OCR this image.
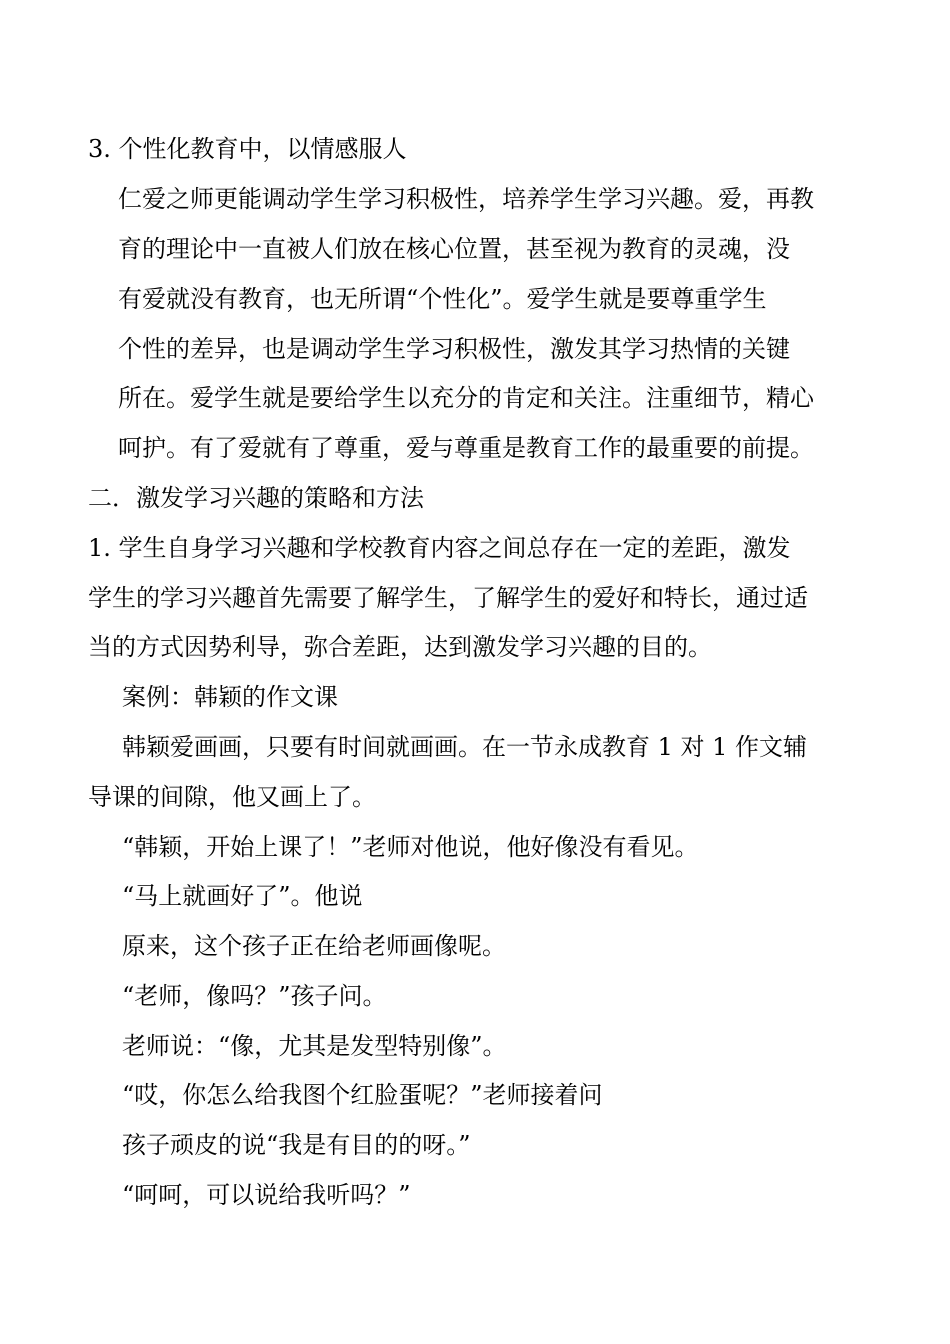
3. 个性化教育中，以情感服人
仁爱之师更能调动学生学习积极性，培养学生学习兴趣。爱，再教
育的理论中一直被人们放在核心位置，甚至视为教育的灵魂，没
有爱就没有教育，也无所谓“个性化”。爱学生就是要尊重学生
个性的差异，也是调动学生学习积极性，激发其学习热情的关键
所在。爱学生就是要给学生以充分的肯定和关注。注重细节，精心
呵护。有了爱就有了尊重，爱与尊重是教育工作的最重要的前提。
二．激发学习兴趣的策略和方法
1. 学生自身学习兴趣和学校教育内容之间总存在一定的差距，激发
学生的学习兴趣首先需要了解学生，了解学生的爱好和特长，通过适
当的方式因势利导，弥合差距，达到激发学习兴趣的目的。
案例：韩颖的作文课
韩颖爱画画，只要有时间就画画。在一节永成教育 1 对 1 作文辅
导课的间隙，他又画上了。
“韩颖，开始上课了！”老师对他说，他好像没有看见。
“马上就画好了”。他说
原来，这个孩子正在给老师画像呢。
“老师，像吗？”孩子问。
老师说：“像，尤其是发型特别像”。
“哎，你怎么给我图个红脸蛋呢？”老师接着问
孩子顽皮的说“我是有目的的呀。”
“呵呵，可以说给我听吗？”
